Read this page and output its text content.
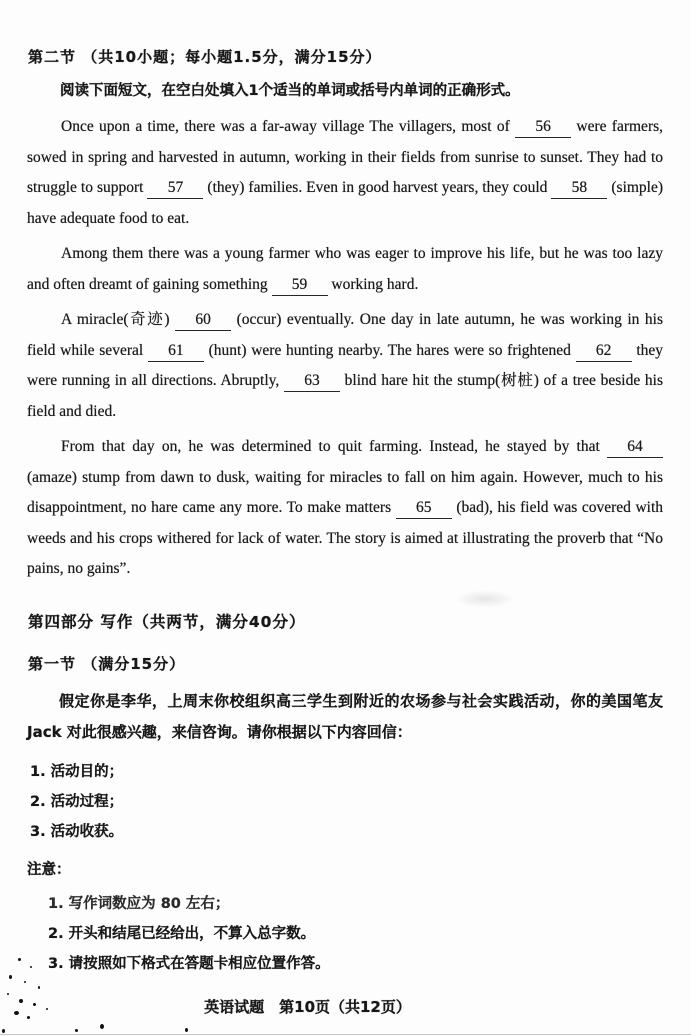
第二节 （共10小题；每小题1.5分，满分15分）
阅读下面短文，在空白处填入1个适当的单词或括号内单词的正确形式。

Once upon a time, there was a far-away village The villagers, most of 56 were farmers, sowed in spring and harvested in autumn, working in their fields from sunrise to sunset. They had to struggle to support 57 (they) families. Even in good harvest years, they could 58 (simple) have adequate food to eat.

Among them there was a young farmer who was eager to improve his life, but he was too lazy and often dreamt of gaining something 59 working hard.

A miracle(奇迹) 60 (occur) eventually. One day in late autumn, he was working in his field while several 61 (hunt) were hunting nearby. The hares were so frightened 62 they were running in all directions. Abruptly, 63 blind hare hit the stump(树桩) of a tree beside his field and died.

From that day on, he was determined to quit farming. Instead, he stayed by that 64 (amaze) stump from dawn to dusk, waiting for miracles to fall on him again. However, much to his disappointment, no hare came any more. To make matters 65 (bad), his field was covered with weeds and his crops withered for lack of water. The story is aimed at illustrating the proverb that “No pains, no gains”.

第四部分 写作（共两节，满分40分）
第一节 （满分15分）

假定你是李华，上周末你校组织高三学生到附近的农场参与社会实践活动，你的美国笔友 Jack 对此很感兴趣，来信咨询。请你根据以下内容回信：

1. 活动目的；
2. 活动过程；
3. 活动收获。
注意：
1. 写作词数应为 80 左右；
2. 开头和结尾已经给出，不算入总字数。
3. 请按照如下格式在答题卡相应位置作答。
英语试题　第10页（共12页）
